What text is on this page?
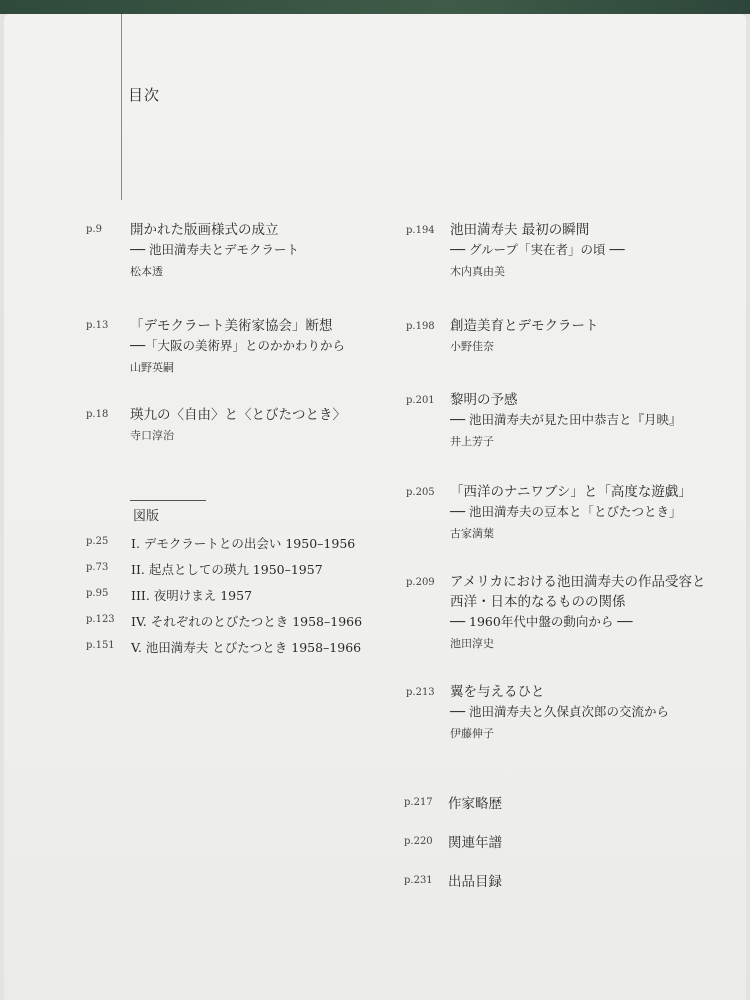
目次
p.9 開かれた版画様式の成立
── 池田満寿夫とデモクラート
松本透
p.13 「デモクラート美術家協会」断想
──「大阪の美術界」とのかかわりから
山野英嗣
p.18 瑛九の〈自由〉と〈とびたつとき〉
寺口淳治
図版
p.25 I. デモクラートとの出会い 1950–1956
p.73 II. 起点としての瑛九 1950–1957
p.95 III. 夜明けまえ 1957
p.123 IV. それぞれのとびたつとき 1958–1966
p.151 V. 池田満寿夫 とびたつとき 1958–1966
p.194 池田満寿夫 最初の瞬間
── グループ「実在者」の頃 ──
木内真由美
p.198 創造美育とデモクラート
小野佳奈
p.201 黎明の予感
── 池田満寿夫が見た田中恭吉と『月映』
井上芳子
p.205 「西洋のナニワブシ」と「高度な遊戯」
── 池田満寿夫の豆本と「とびたつとき」
古家満葉
p.209 アメリカにおける池田満寿夫の作品受容と
西洋・日本的なるものの関係
── 1960年代中盤の動向から ──
池田淳史
p.213 翼を与えるひと
── 池田満寿夫と久保貞次郎の交流から
伊藤伸子
p.217 作家略歴
p.220 関連年譜
p.231 出品目録
